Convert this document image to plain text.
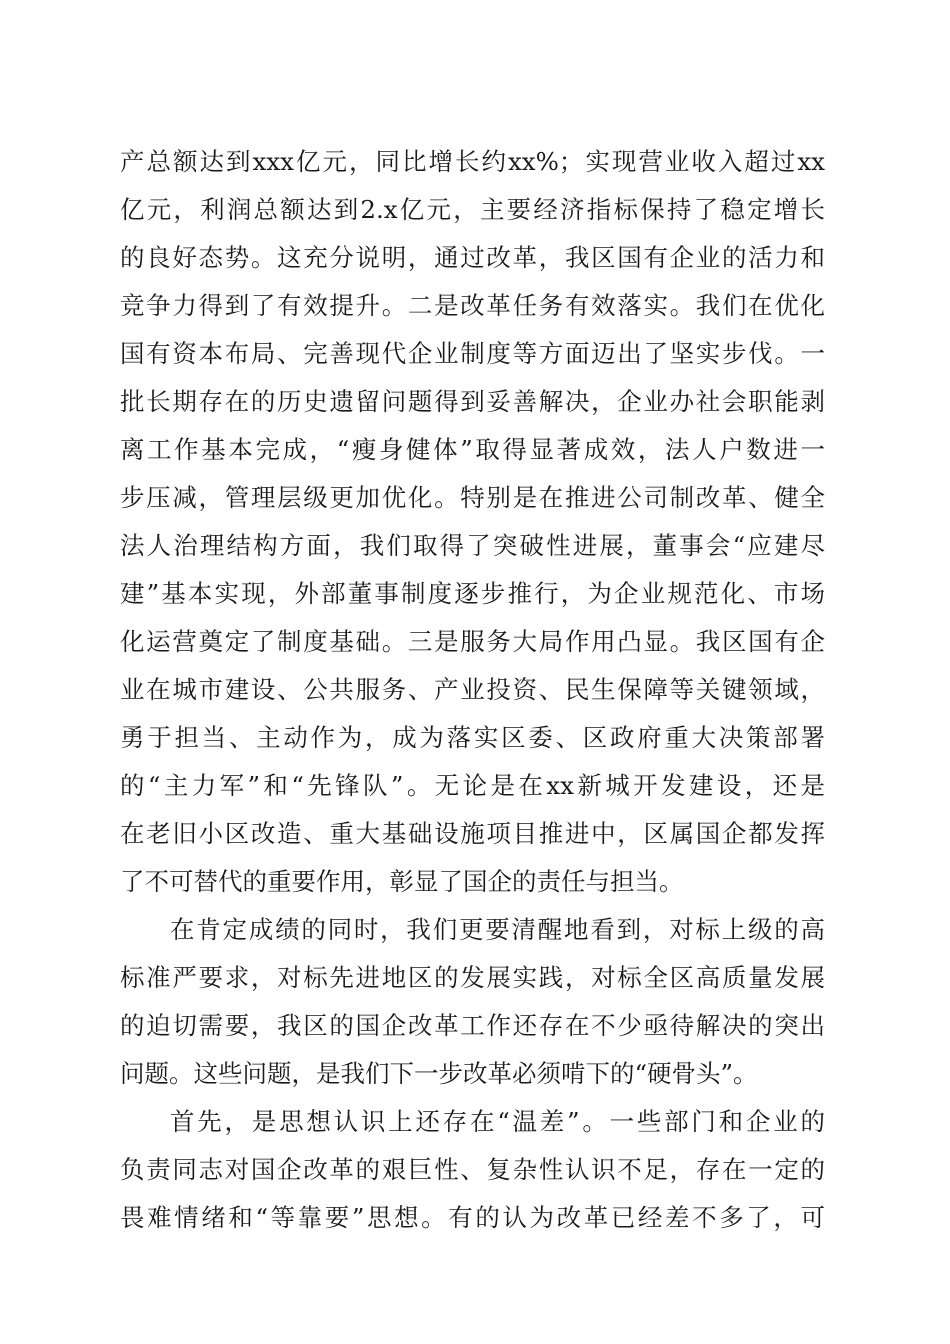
产总额达到xxx亿元，同比增长约xx%；实现营业收入超过xx
亿元，利润总额达到2.x亿元，主要经济指标保持了稳定增长
的良好态势。这充分说明，通过改革，我区国有企业的活力和
竞争力得到了有效提升。二是改革任务有效落实。我们在优化
国有资本布局、完善现代企业制度等方面迈出了坚实步伐。一
批长期存在的历史遗留问题得到妥善解决，企业办社会职能剥
离工作基本完成，“瘦身健体”取得显著成效，法人户数进一
步压减，管理层级更加优化。特别是在推进公司制改革、健全
法人治理结构方面，我们取得了突破性进展，董事会“应建尽
建”基本实现，外部董事制度逐步推行，为企业规范化、市场
化运营奠定了制度基础。三是服务大局作用凸显。我区国有企
业在城市建设、公共服务、产业投资、民生保障等关键领域，
勇于担当、主动作为，成为落实区委、区政府重大决策部署
的“主力军”和“先锋队”。无论是在xx新城开发建设，还是
在老旧小区改造、重大基础设施项目推进中，区属国企都发挥
了不可替代的重要作用，彰显了国企的责任与担当。
在肯定成绩的同时，我们更要清醒地看到，对标上级的高
标准严要求，对标先进地区的发展实践，对标全区高质量发展
的迫切需要，我区的国企改革工作还存在不少亟待解决的突出
问题。这些问题，是我们下一步改革必须啃下的“硬骨头”。
首先，是思想认识上还存在“温差”。一些部门和企业的
负责同志对国企改革的艰巨性、复杂性认识不足，存在一定的
畏难情绪和“等靠要”思想。有的认为改革已经差不多了，可
